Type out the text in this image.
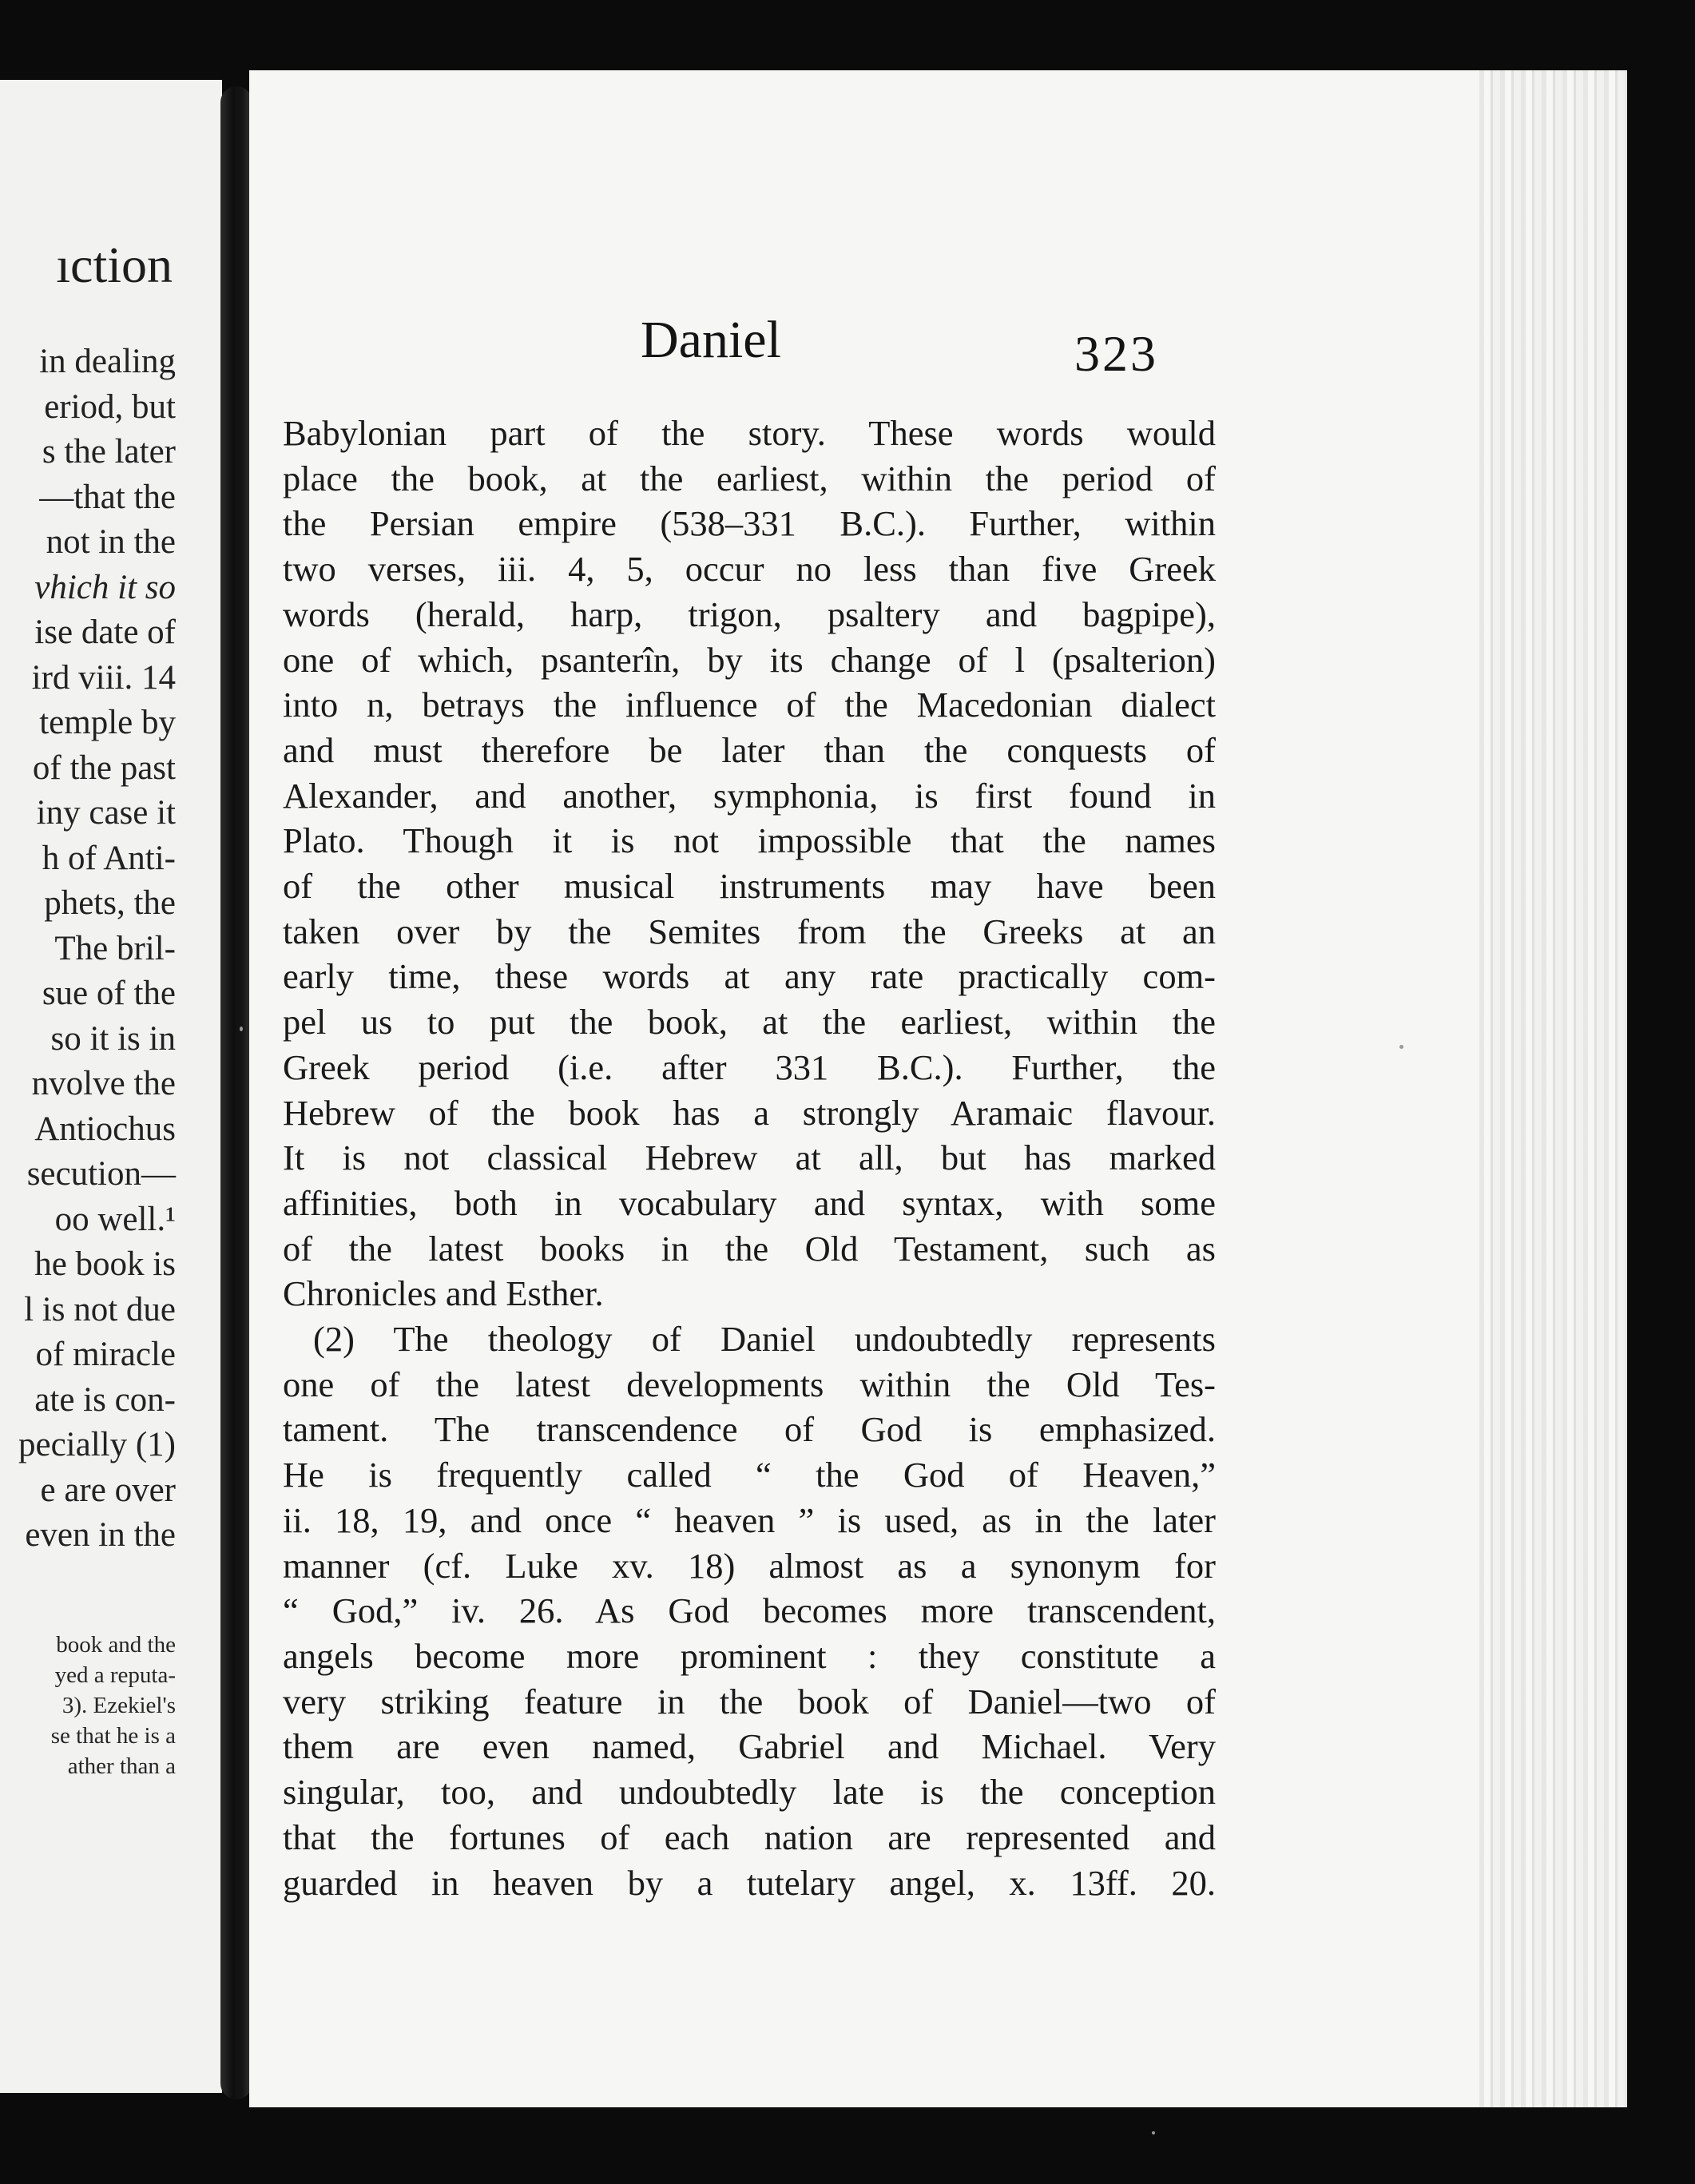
ıction
in dealing
eriod, but
s the later
—that the
not in the
vhich it so
ise date of
ird viii. 14
temple by
of the past
iny case it
h of Anti-
phets, the
The bril-
sue of the
so it is in
nvolve the
Antiochus
secution—
oo well.¹
he book is
l is not due
of miracle
ate is con-
pecially (1)
e are over
even in the
book and the
yed a reputa-
3). Ezekiel's
se that he is a
ather than a
Daniel	323
Babylonian part of the story. These words would
place the book, at the earliest, within the period of
the Persian empire (538–331 B.C.). Further, within
two verses, iii. 4, 5, occur no less than five Greek
words (herald, harp, trigon, psaltery and bagpipe),
one of which, psanterîn, by its change of l (psalterion)
into n, betrays the influence of the Macedonian dialect
and must therefore be later than the conquests of
Alexander, and another, symphonia, is first found in
Plato. Though it is not impossible that the names
of the other musical instruments may have been
taken over by the Semites from the Greeks at an
early time, these words at any rate practically com-
pel us to put the book, at the earliest, within the
Greek period (i.e. after 331 B.C.). Further, the
Hebrew of the book has a strongly Aramaic flavour.
It is not classical Hebrew at all, but has marked
affinities, both in vocabulary and syntax, with some
of the latest books in the Old Testament, such as
Chronicles and Esther.
(2) The theology of Daniel undoubtedly represents
one of the latest developments within the Old Tes-
tament. The transcendence of God is emphasized.
He is frequently called “ the God of Heaven,”
ii. 18, 19, and once “ heaven ” is used, as in the later
manner (cf. Luke xv. 18) almost as a synonym for
“ God,” iv. 26. As God becomes more transcendent,
angels become more prominent : they constitute a
very striking feature in the book of Daniel—two of
them are even named, Gabriel and Michael. Very
singular, too, and undoubtedly late is the conception
that the fortunes of each nation are represented and
guarded in heaven by a tutelary angel, x. 13ff. 20.
